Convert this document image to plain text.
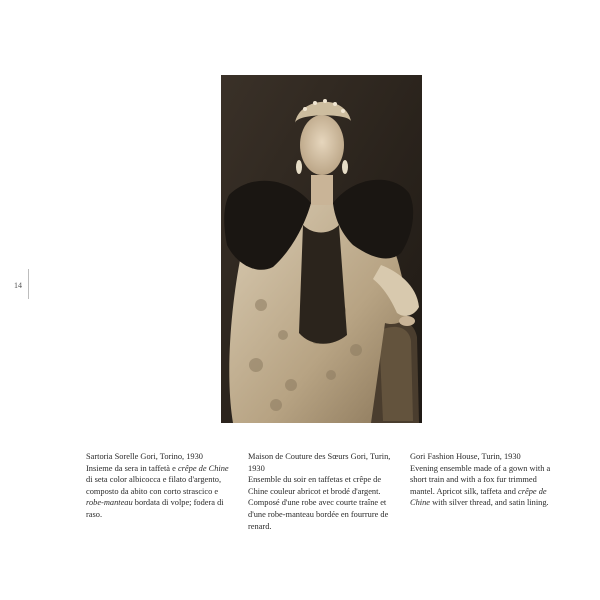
14

Sartoria Sorelle Gori, Torino, 1930

Insieme da sera in taffetà e crêpe de Chine di seta color albicocca e filato d'argento, composto da abito con corto strascico e robe-manteau bordata di volpe; fodera di raso.

Maison de Couture des Sœurs Gori, Turin, 1930

Ensemble du soir en taffetas et crêpe de Chine couleur abricot et brodé d'argent. Composé d'une robe avec courte traîne et d'une robe-manteau bordée en fourrure de renard.

Gori Fashion House, Turin, 1930

Evening ensemble made of a gown with a short train and with a fox fur trimmed mantel. Apricot silk, taffeta and crêpe de Chine with silver thread, and satin lining.
